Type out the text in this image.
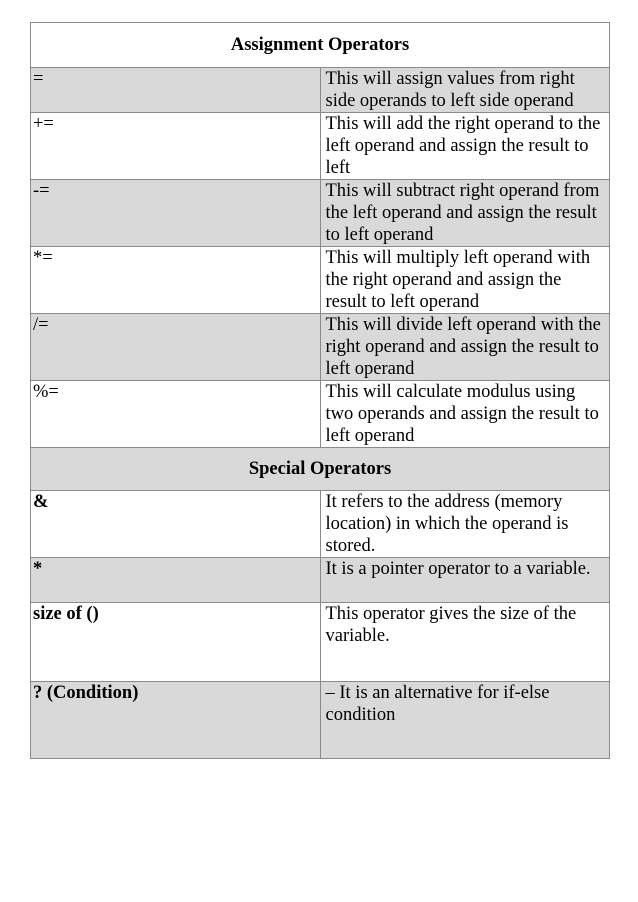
Assignment Operators	
=	This will assign values from right side operands to left side operand
+=	This will add the right operand to the left operand and assign the result to left
-=	This will subtract right operand from the left operand and assign the result to left operand
*=	This will multiply left operand with the right operand and assign the result to left operand
/=	This will divide left operand with the right operand and assign the result to left operand
%=	This will calculate modulus using two operands and assign the result to left operand
Special Operators	
&	It refers to the address (memory location) in which the operand is stored.
*	It is a pointer operator to a variable.
size of ()	This operator gives the size of the
variable.

? (Condition)	– It is an alternative for if-else
condition
